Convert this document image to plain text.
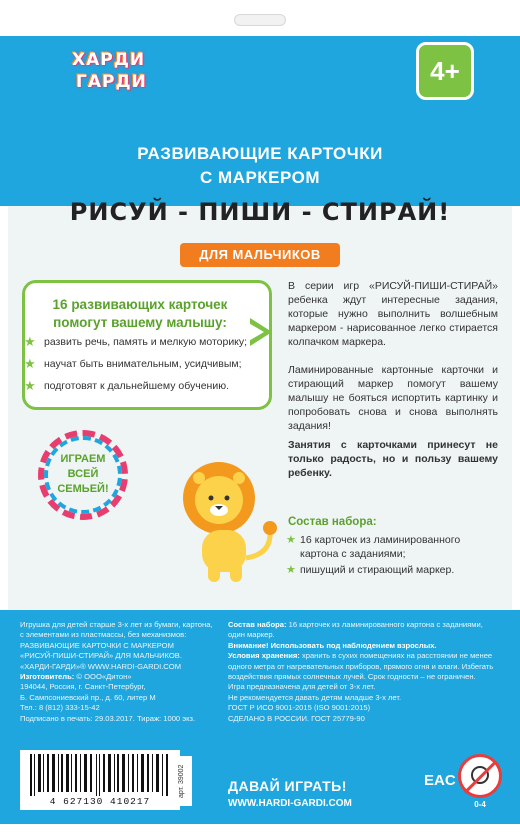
ХАРДИ
ГАРДИ	4+
РАЗВИВАЮЩИЕ КАРТОЧКИ
С МАРКЕРОМ
РИСУЙ - ПИШИ - СТИРАЙ!
ДЛЯ МАЛЬЧИКОВ
16 развивающих карточек помогут вашему малышу:
★ развить речь, память и мелкую моторику;
★ научат быть внимательным, усидчивым;
★ подготовят к дальнейшему обучению.
ИГРАЕМ
ВСЕЙ
СЕМЬЕЙ!
В серии игр «РИСУЙ-ПИШИ-СТИРАЙ» ребенка ждут интересные задания, которые нужно выполнить волшебным маркером - нарисованное легко стирается колпачком маркера.
Ламинированные картонные карточки и стирающий маркер помогут вашему малышу не бояться испортить картинку и попробовать снова и снова выполнять задания!
Занятия с карточками принесут не только радость, но и пользу вашему ребенку.
Состав набора:
★ 16 карточек из ламинированного картона с заданиями;
★ пишущий и стирающий маркер.
Игрушка для детей старше 3-х лет из бумаги, картона,
с элементами из пластмассы, без механизмов:
РАЗВИВАЮЩИЕ КАРТОЧКИ С МАРКЕРОМ
«РИСУЙ-ПИШИ-СТИРАЙ» ДЛЯ МАЛЬЧИКОВ.
«ХАРДИ-ГАРДИ»® WWW.HARDI-GARDI.COM
Изготовитель: © ООО«Дитон»
194044, Россия, г. Санкт-Петербург,
Б. Сампсониевский пр., д. 60, литер М
Тел.: 8 (812) 333-15-42
Подписано в печать: 29.03.2017. Тираж: 1000 экз.
Состав набора: 16 карточек из ламинированного картона с заданиями, один маркер.
Внимание! Использовать под наблюдением взрослых.
Условия хранения: хранить в сухих помещениях на расстоянии не менее одного метра от нагревательных приборов, прямого огня и влаги. Избегать воздействия прямых солнечных лучей. Срок годности – не ограничен.
Игра предназначена для детей от 3-х лет.
Не рекомендуется давать детям младше 3-х лет.
ГОСТ Р ИСО 9001-2015 (ISO 9001:2015)
СДЕЛАНО В РОССИИ. ГОСТ 25779-90
4 627130 410217
арт. 39002	ДАВАЙ ИГРАТЬ!
WWW.HARDI-GARDI.COM
EAC
0-4
